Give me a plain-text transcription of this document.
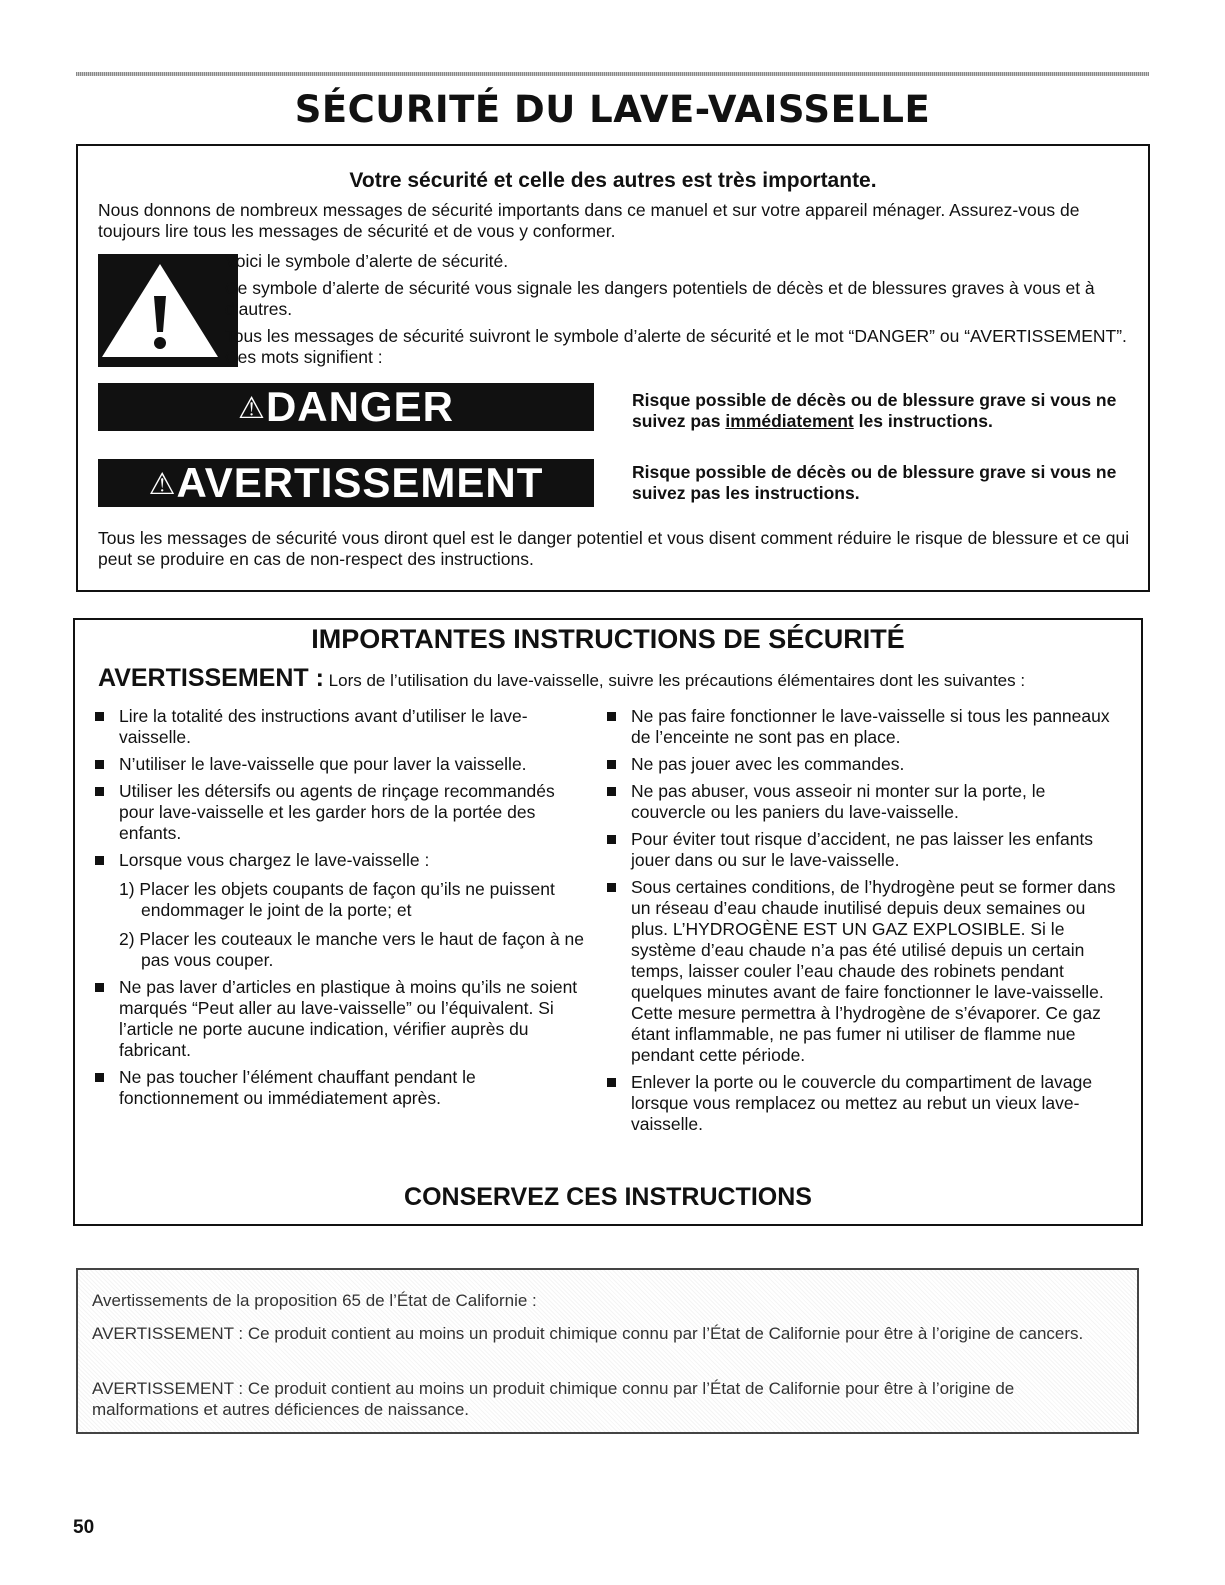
SÉCURITÉ DU LAVE-VAISSELLE
Votre sécurité et celle des autres est très importante.

Nous donnons de nombreux messages de sécurité importants dans ce manuel et sur votre appareil ménager. Assurez-vous de toujours lire tous les messages de sécurité et de vous y conformer.

Voici le symbole d’alerte de sécurité.

Ce symbole d’alerte de sécurité vous signale les dangers potentiels de décès et de blessures graves à vous et à d’autres.

Tous les messages de sécurité suivront le symbole d’alerte de sécurité et le mot “DANGER” ou “AVERTISSEMENT”. Ces mots signifient :

⚠DANGER	Risque possible de décès ou de blessure grave si vous ne suivez pas immédiatement les instructions.

⚠AVERTISSEMENT	Risque possible de décès ou de blessure grave si vous ne suivez pas les instructions.

Tous les messages de sécurité vous diront quel est le danger potentiel et vous disent comment réduire le risque de blessure et ce qui peut se produire en cas de non-respect des instructions.

IMPORTANTES INSTRUCTIONS DE SÉCURITÉ

AVERTISSEMENT : Lors de l’utilisation du lave-vaisselle, suivre les précautions élémentaires dont les suivantes :

Lire la totalité des instructions avant d’utiliser le lave-vaisselle.
N’utiliser le lave-vaisselle que pour laver la vaisselle.
Utiliser les détersifs ou agents de rinçage recommandés pour lave-vaisselle et les garder hors de la portée des enfants.
Lorsque vous chargez le lave-vaisselle :
1) Placer les objets coupants de façon qu’ils ne puissent endommager le joint de la porte; et
2) Placer les couteaux le manche vers le haut de façon à ne pas vous couper.
Ne pas laver d’articles en plastique à moins qu’ils ne soient marqués “Peut aller au lave-vaisselle” ou l’équivalent. Si l’article ne porte aucune indication, vérifier auprès du fabricant.
Ne pas toucher l’élément chauffant pendant le fonctionnement ou immédiatement après.
Ne pas faire fonctionner le lave-vaisselle si tous les panneaux de l’enceinte ne sont pas en place.
Ne pas jouer avec les commandes.
Ne pas abuser, vous asseoir ni monter sur la porte, le couvercle ou les paniers du lave-vaisselle.
Pour éviter tout risque d’accident, ne pas laisser les enfants jouer dans ou sur le lave-vaisselle.
Sous certaines conditions, de l’hydrogène peut se former dans un réseau d’eau chaude inutilisé depuis deux semaines ou plus. L’HYDROGÈNE EST UN GAZ EXPLOSIBLE. Si le système d’eau chaude n’a pas été utilisé depuis un certain temps, laisser couler l’eau chaude des robinets pendant quelques minutes avant de faire fonctionner le lave-vaisselle. Cette mesure permettra à l’hydrogène de s’évaporer. Ce gaz étant inflammable, ne pas fumer ni utiliser de flamme nue pendant cette période.
Enlever la porte ou le couvercle du compartiment de lavage lorsque vous remplacez ou mettez au rebut un vieux lave-vaisselle.
CONSERVEZ CES INSTRUCTIONS

Avertissements de la proposition 65 de l’État de Californie :

AVERTISSEMENT : Ce produit contient au moins un produit chimique connu par l’État de Californie pour être à l’origine de cancers.

AVERTISSEMENT : Ce produit contient au moins un produit chimique connu par l’État de Californie pour être à l’origine de malformations et autres déficiences de naissance.

50
